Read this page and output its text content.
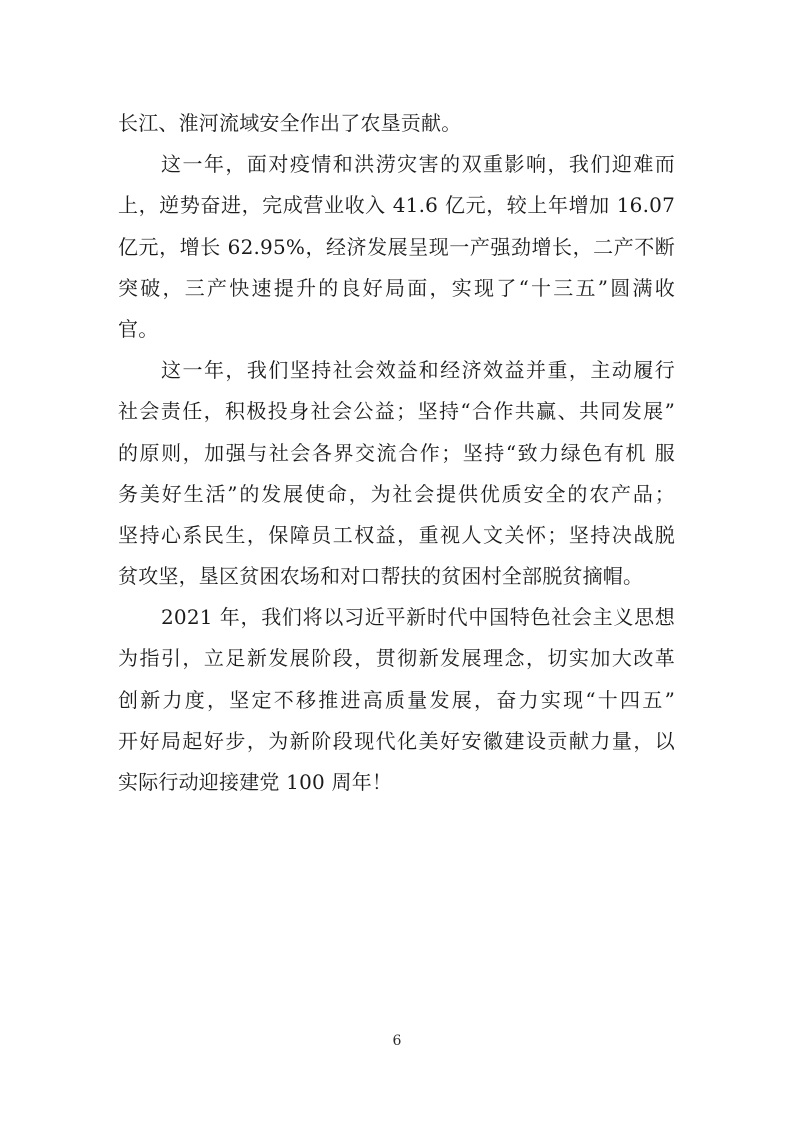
长江、淮河流域安全作出了农垦贡献。
这一年，面对疫情和洪涝灾害的双重影响，我们迎难而
上，逆势奋进，完成营业收入 41.6 亿元，较上年增加 16.07
亿元，增长 62.95%，经济发展呈现一产强劲增长，二产不断
突破，三产快速提升的良好局面，实现了“十三五”圆满收
官。
这一年，我们坚持社会效益和经济效益并重，主动履行
社会责任，积极投身社会公益；坚持“合作共赢、共同发展”
的原则，加强与社会各界交流合作；坚持“致力绿色有机 服
务美好生活”的发展使命，为社会提供优质安全的农产品；
坚持心系民生，保障员工权益，重视人文关怀；坚持决战脱
贫攻坚，垦区贫困农场和对口帮扶的贫困村全部脱贫摘帽。
2021 年，我们将以习近平新时代中国特色社会主义思想
为指引，立足新发展阶段，贯彻新发展理念，切实加大改革
创新力度，坚定不移推进高质量发展，奋力实现“十四五”
开好局起好步，为新阶段现代化美好安徽建设贡献力量，以
实际行动迎接建党 100 周年！
6
